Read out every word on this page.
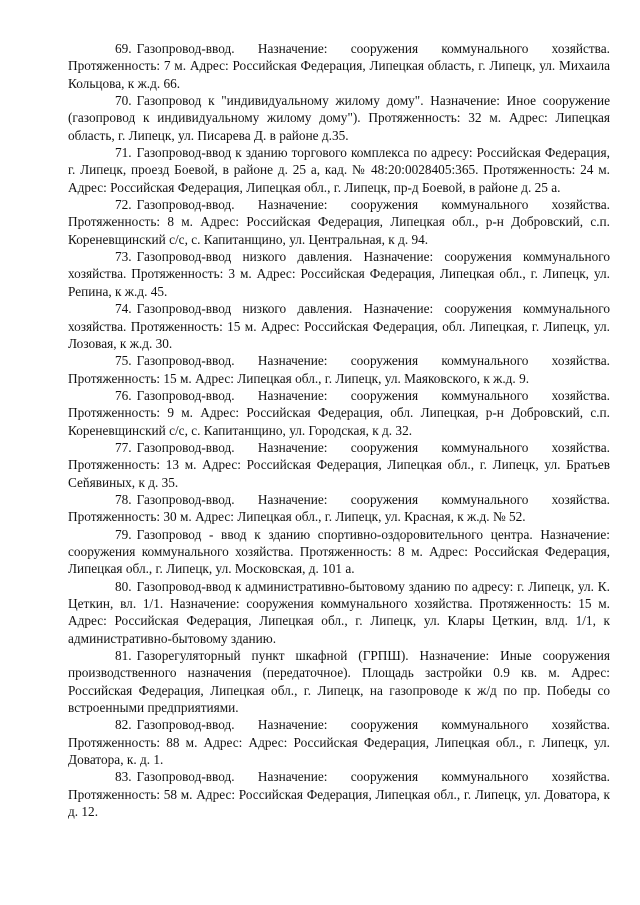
69. Газопровод-ввод. Назначение: сооружения коммунального хозяйства. Протяженность: 7 м. Адрес: Российская Федерация, Липецкая область, г. Липецк, ул. Михаила Кольцова, к ж.д. 66.

70. Газопровод к "индивидуальному жилому дому". Назначение: Иное сооружение (газопровод к индивидуальному жилому дому"). Протяженность: 32 м. Адрес: Липецкая область, г. Липецк, ул. Писарева Д. в районе д.35.

71. Газопровод-ввод к зданию торгового комплекса по адресу: Российская Федерация, г. Липецк, проезд Боевой, в районе д. 25 а, кад. № 48:20:0028405:365. Протяженность: 24 м. Адрес: Российская Федерация, Липецкая обл., г. Липецк, пр-д Боевой, в районе д. 25 а.

72. Газопровод-ввод. Назначение: сооружения коммунального хозяйства. Протяженность: 8 м. Адрес: Российская Федерация, Липецкая обл., р-н Добровский, с.п. Кореневщинский с/с, с. Капитанщино, ул. Центральная, к д. 94.

73. Газопровод-ввод низкого давления. Назначение: сооружения коммунального хозяйства. Протяженность: 3 м. Адрес: Российская Федерация, Липецкая обл., г. Липецк, ул. Репина, к ж.д. 45.

74. Газопровод-ввод низкого давления. Назначение: сооружения коммунального хозяйства. Протяженность: 15 м. Адрес: Российская Федерация, обл. Липецкая, г. Липецк, ул. Лозовая, к ж.д. 30.

75. Газопровод-ввод. Назначение: сооружения коммунального хозяйства. Протяженность: 15 м. Адрес: Липецкая обл., г. Липецк, ул. Маяковского, к ж.д. 9.

76. Газопровод-ввод. Назначение: сооружения коммунального хозяйства. Протяженность: 9 м. Адрес: Российская Федерация, обл. Липецкая, р-н Добровский, с.п. Кореневщинский с/с, с. Капитанщино, ул. Городская, к д. 32.

77. Газопровод-ввод. Назначение: сооружения коммунального хозяйства. Протяженность: 13 м. Адрес: Российская Федерация, Липецкая обл., г. Липецк, ул. Братьев Сеňявиных, к д. 35.

78. Газопровод-ввод. Назначение: сооружения коммунального хозяйства. Протяженность: 30 м. Адрес: Липецкая обл., г. Липецк, ул. Красная, к ж.д. № 52.

79. Газопровод - ввод к зданию спортивно-оздоровительного центра. Назначение: сооружения коммунального хозяйства. Протяженность: 8 м. Адрес: Российская Федерация, Липецкая обл., г. Липецк, ул. Московская, д. 101 а.

80. Газопровод-ввод к административно-бытовому зданию по адресу: г. Липецк, ул. К. Цеткин, вл. 1/1. Назначение: сооружения коммунального хозяйства. Протяженность: 15 м. Адрес: Российская Федерация, Липецкая обл., г. Липецк, ул. Клары Цеткин, влд. 1/1, к административно-бытовому зданию.

81. Газорегуляторный пункт шкафной (ГРПШ). Назначение: Иные сооружения производственного назначения (передаточное). Площадь застройки 0.9 кв. м. Адрес: Российская Федерация, Липецкая обл., г. Липецк, на газопроводе к ж/д по пр. Победы со встроенными предприятиями.

82. Газопровод-ввод. Назначение: сооружения коммунального хозяйства. Протяженность: 88 м. Адрес: Адрес: Российская Федерация, Липецкая обл., г. Липецк, ул. Доватора, к. д. 1.

83. Газопровод-ввод. Назначение: сооружения коммунального хозяйства. Протяженность: 58 м. Адрес: Российская Федерация, Липецкая обл., г. Липецк, ул. Доватора, к д. 12.
